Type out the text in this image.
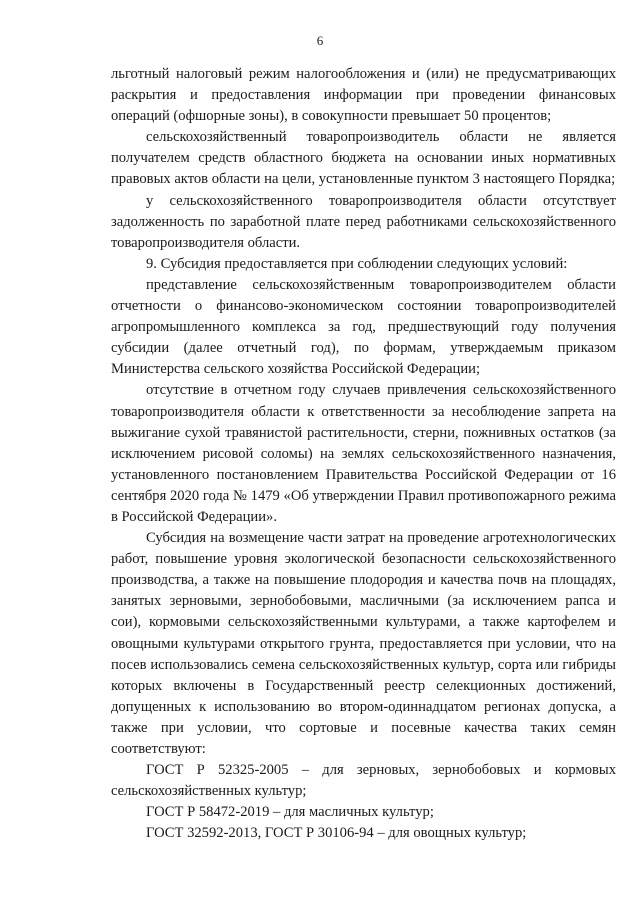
6

льготный налоговый режим налогообложения и (или) не предусматривающих раскрытия и предоставления информации при проведении финансовых операций (офшорные зоны), в совокупности превышает 50 процентов;

сельскохозяйственный товаропроизводитель области не является получателем средств областного бюджета на основании иных нормативных правовых актов области на цели, установленные пунктом 3 настоящего Порядка;

у сельскохозяйственного товаропроизводителя области отсутствует задолженность по заработной плате перед работниками сельскохозяйственного товаропроизводителя области.

9. Субсидия предоставляется при соблюдении следующих условий:

представление сельскохозяйственным товаропроизводителем области отчетности о финансово-экономическом состоянии товаропроизводителей агропромышленного комплекса за год, предшествующий году получения субсидии (далее отчетный год), по формам, утверждаемым приказом Министерства сельского хозяйства Российской Федерации;

отсутствие в отчетном году случаев привлечения сельскохозяйственного товаропроизводителя области к ответственности за несоблюдение запрета на выжигание сухой травянистой растительности, стерни, пожнивных остатков (за исключением рисовой соломы) на землях сельскохозяйственного назначения, установленного постановлением Правительства Российской Федерации от 16 сентября 2020 года № 1479 «Об утверждении Правил противопожарного режима в Российской Федерации».

Субсидия на возмещение части затрат на проведение агротехнологических работ, повышение уровня экологической безопасности сельскохозяйственного производства, а также на повышение плодородия и качества почв на площадях, занятых зерновыми, зернобобовыми, масличными (за исключением рапса и сои), кормовыми сельскохозяйственными культурами, а также картофелем и овощными культурами открытого грунта, предоставляется при условии, что на посев использовались семена сельскохозяйственных культур, сорта или гибриды которых включены в Государственный реестр селекционных достижений, допущенных к использованию во втором-одиннадцатом регионах допуска, а также при условии, что сортовые и посевные качества таких семян соответствуют:

ГОСТ Р 52325-2005 – для зерновых, зернобобовых и кормовых сельскохозяйственных культур;

ГОСТ Р 58472-2019 – для масличных культур;

ГОСТ 32592-2013, ГОСТ Р 30106-94 – для овощных культур;
